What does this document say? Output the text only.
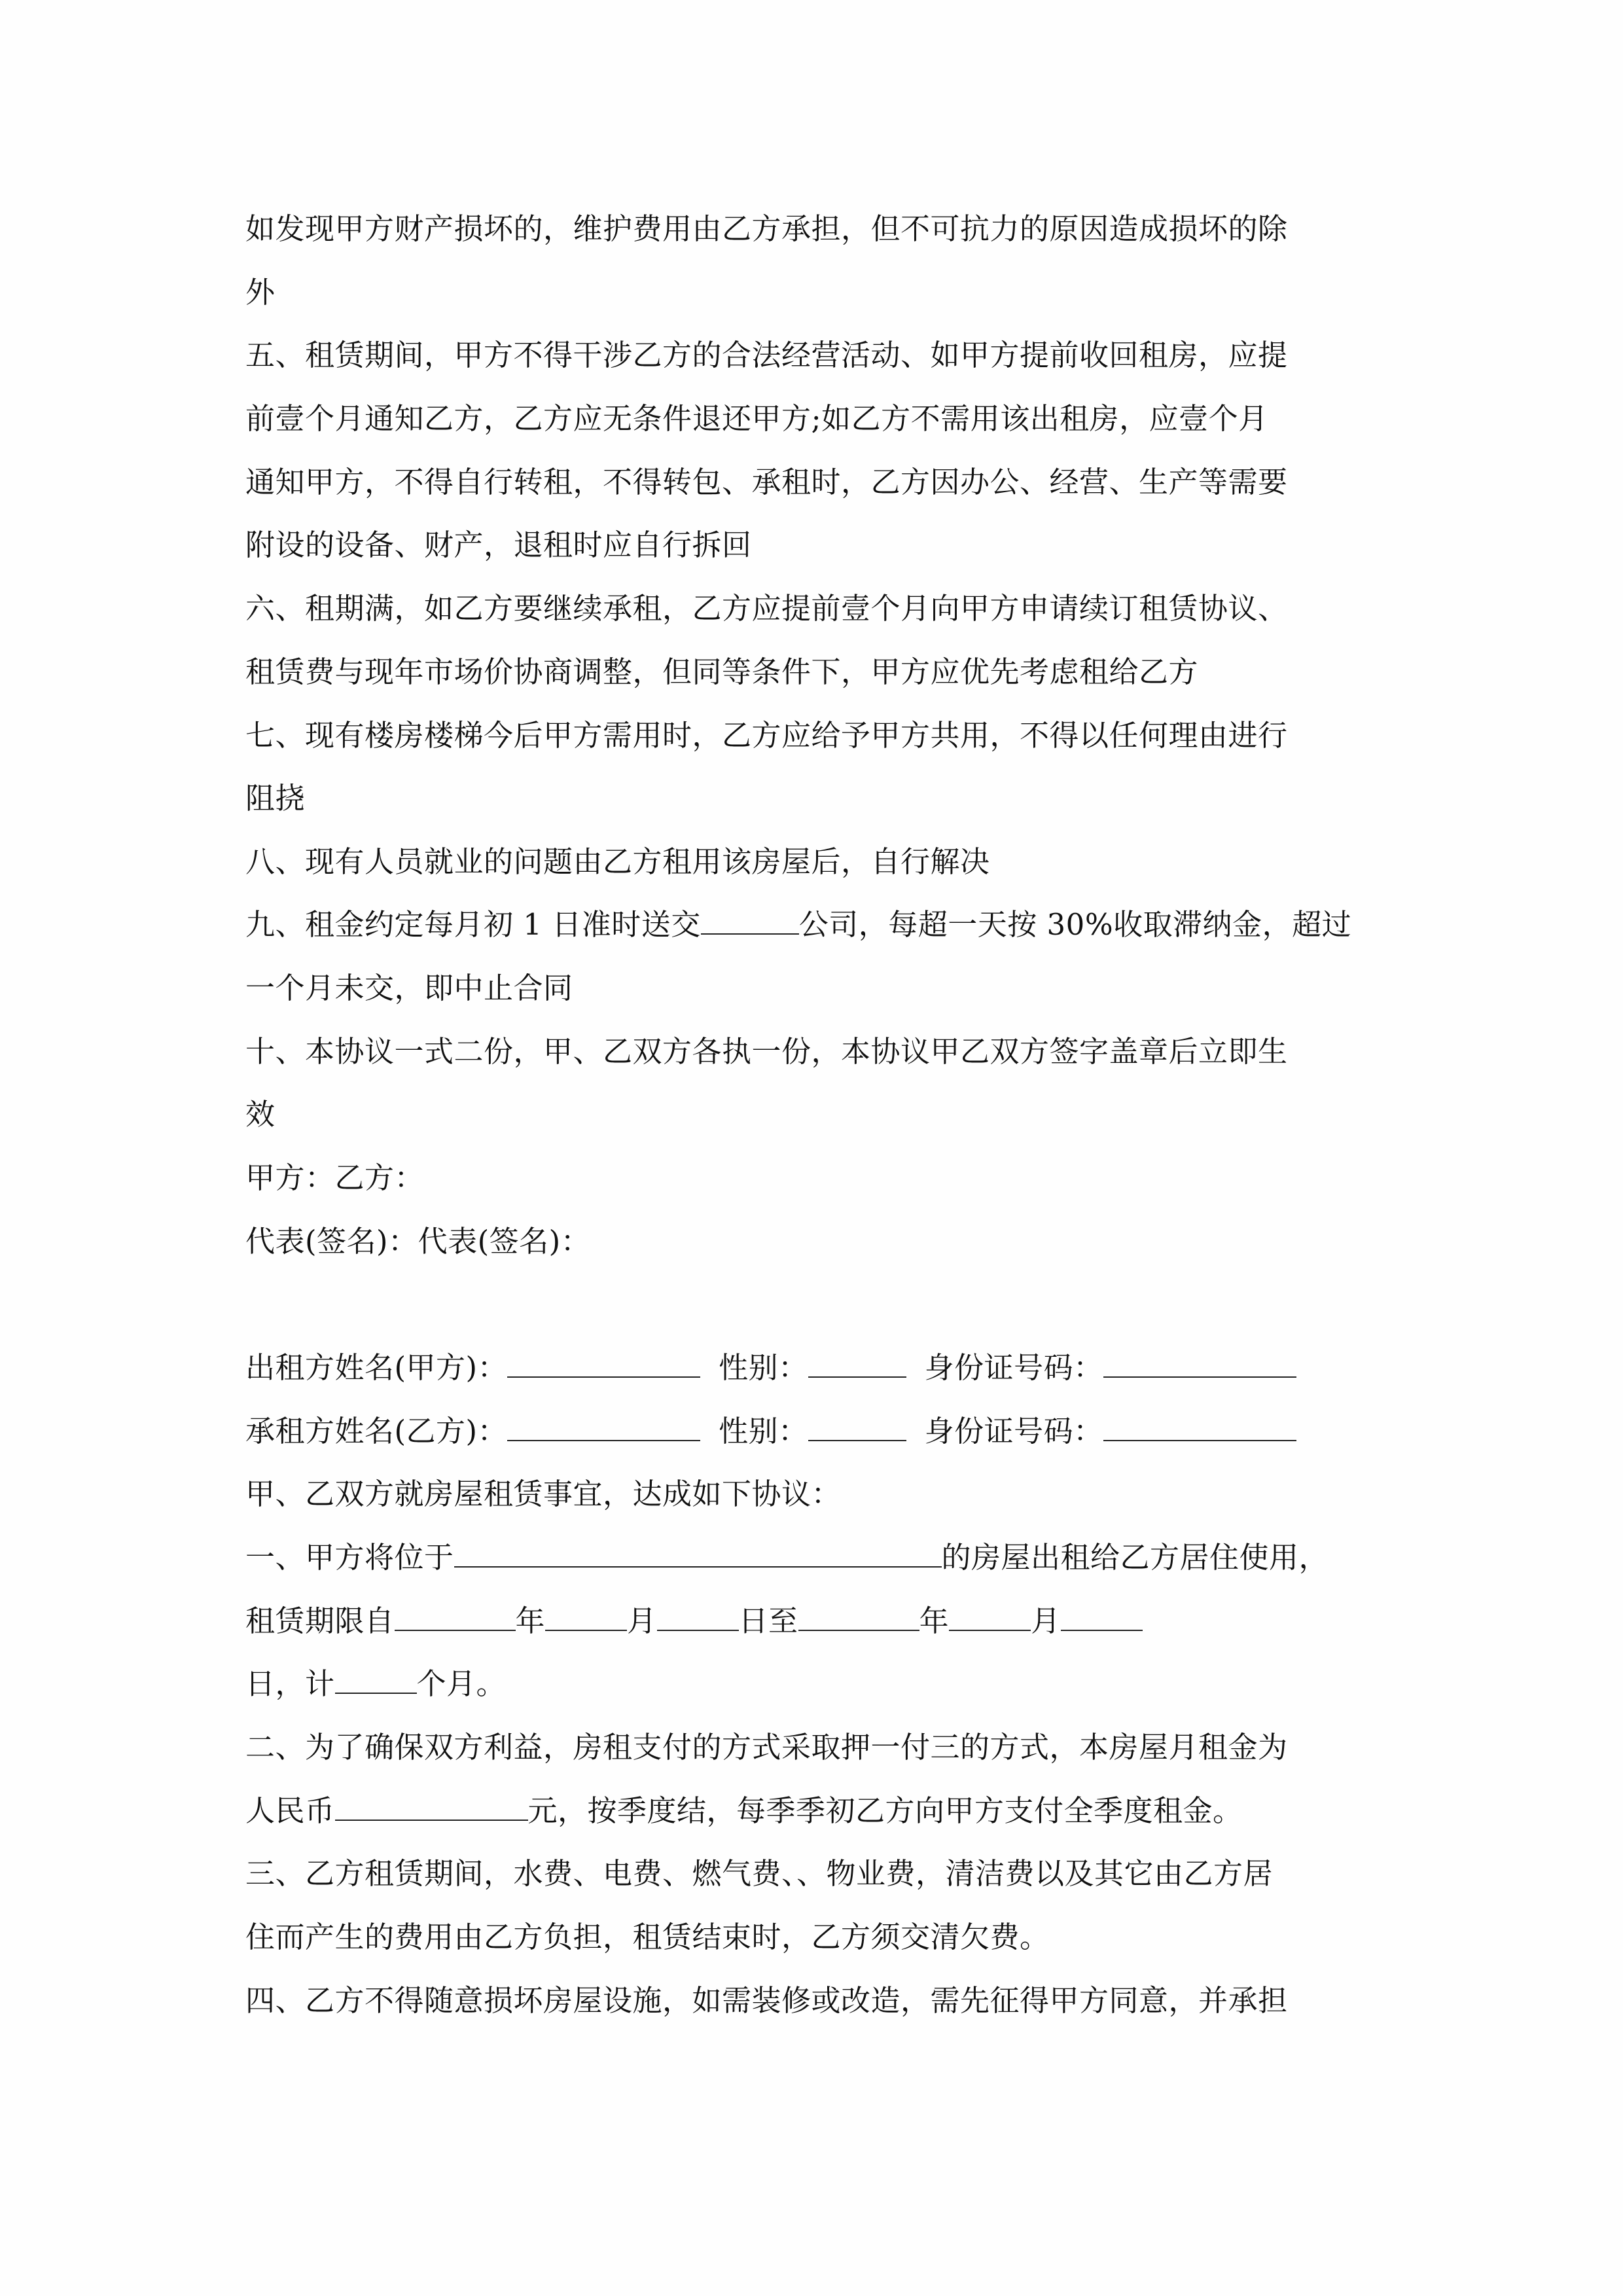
如发现甲方财产损坏的，维护费用由乙方承担，但不可抗力的原因造成损坏的除
外
五、租赁期间，甲方不得干涉乙方的合法经营活动、如甲方提前收回租房，应提
前壹个月通知乙方，乙方应无条件退还甲方;如乙方不需用该出租房，应壹个月
通知甲方，不得自行转租，不得转包、承租时，乙方因办公、经营、生产等需要
附设的设备、财产，退租时应自行拆回
六、租期满，如乙方要继续承租，乙方应提前壹个月向甲方申请续订租赁协议、
租赁费与现年市场价协商调整，但同等条件下，甲方应优先考虑租给乙方
七、现有楼房楼梯今后甲方需用时，乙方应给予甲方共用，不得以任何理由进行
阻挠
八、现有人员就业的问题由乙方租用该房屋后，自行解决
九、租金约定每月初 1 日准时送交	公司，每超一天按 30%收取滞纳金，超过
一个月未交，即中止合同
十、本协议一式二份，甲、乙双方各执一份，本协议甲乙双方签字盖章后立即生
效
甲方：乙方：
代表(签名)：代表(签名)：
出租方姓名(甲方)：	性别：	身份证号码：
承租方姓名(乙方)：	性别：	身份证号码：
甲、乙双方就房屋租赁事宜，达成如下协议：
一、甲方将位于	的房屋出租给乙方居住使用，
租赁期限自	年	月	日至	年	月
日，计	个月。
二、为了确保双方利益，房租支付的方式采取押一付三的方式，本房屋月租金为
人民币	元，按季度结，每季季初乙方向甲方支付全季度租金。
三、乙方租赁期间，水费、电费、燃气费、、物业费，清洁费以及其它由乙方居
住而产生的费用由乙方负担，租赁结束时，乙方须交清欠费。
四、乙方不得随意损坏房屋设施，如需装修或改造，需先征得甲方同意，并承担
